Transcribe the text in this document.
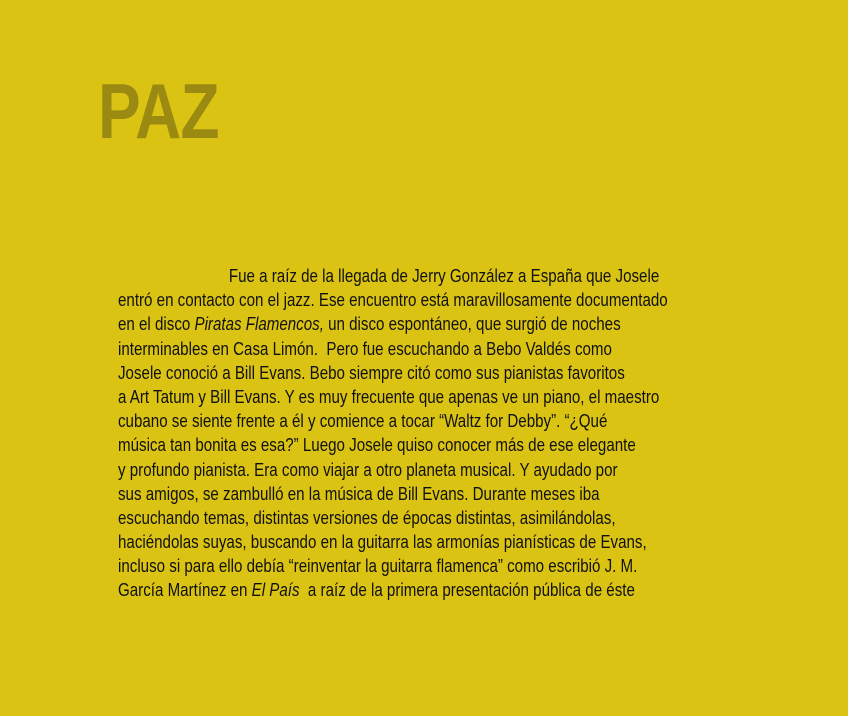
PAZ
Fue a raíz de la llegada de Jerry González a España que Josele
entró en contacto con el jazz. Ese encuentro está maravillosamente documentado
en el disco Piratas Flamencos, un disco espontáneo, que surgió de noches
interminables en Casa Limón.  Pero fue escuchando a Bebo Valdés como
Josele conoció a Bill Evans. Bebo siempre citó como sus pianistas favoritos
a Art Tatum y Bill Evans. Y es muy frecuente que apenas ve un piano, el maestro
cubano se siente frente a él y comience a tocar “Waltz for Debby”. “¿Qué
música tan bonita es esa?” Luego Josele quiso conocer más de ese elegante
y profundo pianista. Era como viajar a otro planeta musical. Y ayudado por
sus amigos, se zambulló en la música de Bill Evans. Durante meses iba
escuchando temas, distintas versiones de épocas distintas, asimilándolas,
haciéndolas suyas, buscando en la guitarra las armonías pianísticas de Evans,
incluso si para ello debía “reinventar la guitarra flamenca” como escribió J. M.
García Martínez en El País  a raíz de la primera presentación pública de éste
